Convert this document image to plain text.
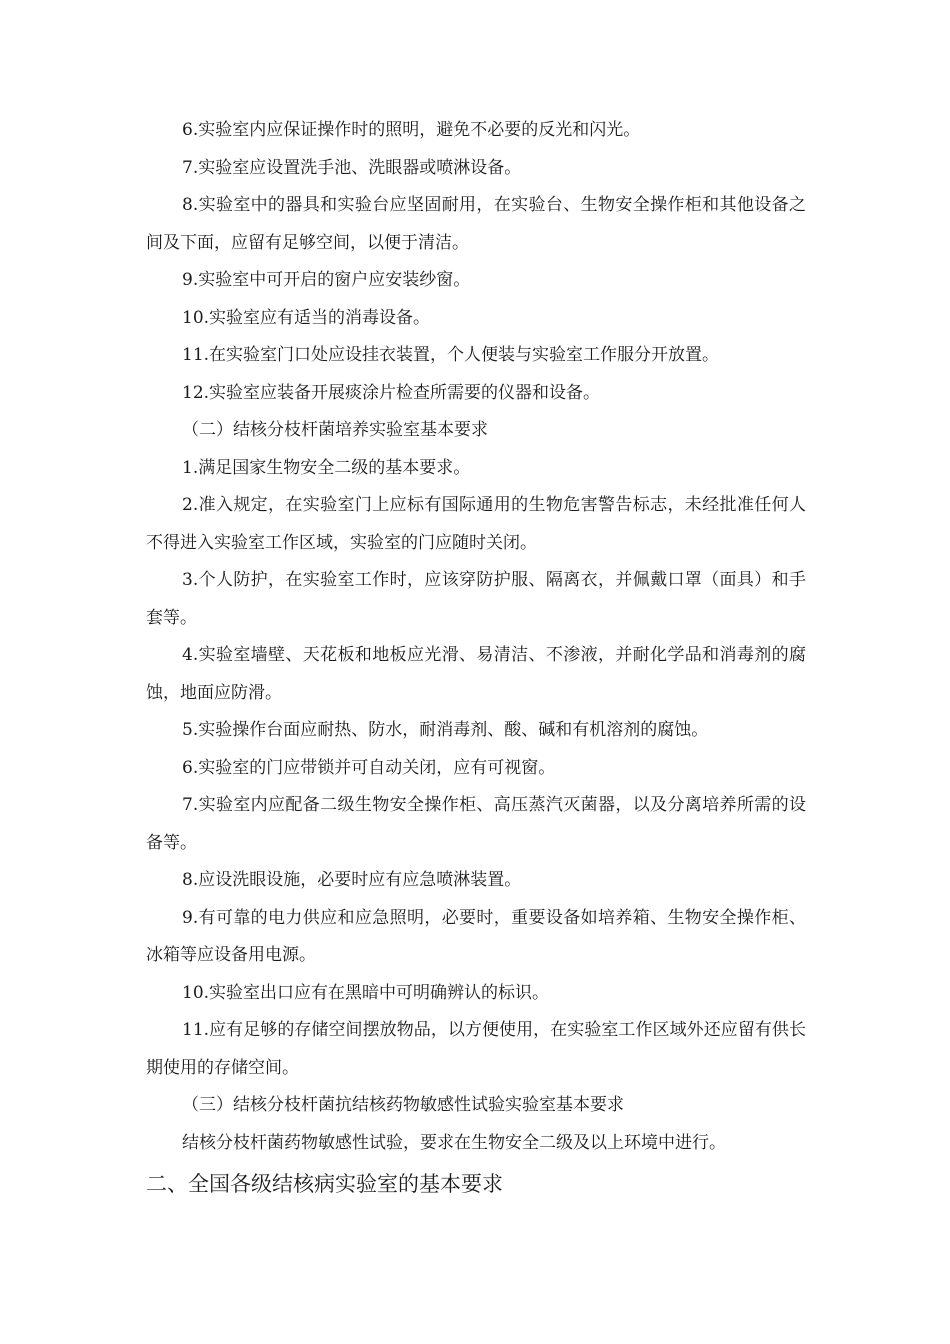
6.实验室内应保证操作时的照明，避免不必要的反光和闪光。

7.实验室应设置洗手池、洗眼器或喷淋设备。

8.实验室中的器具和实验台应坚固耐用，在实验台、生物安全操作柜和其他设备之间及下面，应留有足够空间，以便于清洁。

9.实验室中可开启的窗户应安装纱窗。

10.实验室应有适当的消毒设备。

11.在实验室门口处应设挂衣装置，个人便装与实验室工作服分开放置。

12.实验室应装备开展痰涂片检查所需要的仪器和设备。

（二）结核分枝杆菌培养实验室基本要求

1.满足国家生物安全二级的基本要求。

2.准入规定，在实验室门上应标有国际通用的生物危害警告标志，未经批准任何人不得进入实验室工作区域，实验室的门应随时关闭。

3.个人防护，在实验室工作时，应该穿防护服、隔离衣，并佩戴口罩（面具）和手套等。

4.实验室墙壁、天花板和地板应光滑、易清洁、不渗液，并耐化学品和消毒剂的腐蚀，地面应防滑。

5.实验操作台面应耐热、防水，耐消毒剂、酸、碱和有机溶剂的腐蚀。

6.实验室的门应带锁并可自动关闭，应有可视窗。

7.实验室内应配备二级生物安全操作柜、高压蒸汽灭菌器，以及分离培养所需的设备等。

8.应设洗眼设施，必要时应有应急喷淋装置。

9.有可靠的电力供应和应急照明，必要时，重要设备如培养箱、生物安全操作柜、冰箱等应设备用电源。

10.实验室出口应有在黑暗中可明确辨认的标识。

11.应有足够的存储空间摆放物品，以方便使用，在实验室工作区域外还应留有供长期使用的存储空间。

（三）结核分枝杆菌抗结核药物敏感性试验实验室基本要求

结核分枝杆菌药物敏感性试验，要求在生物安全二级及以上环境中进行。

二、全国各级结核病实验室的基本要求
